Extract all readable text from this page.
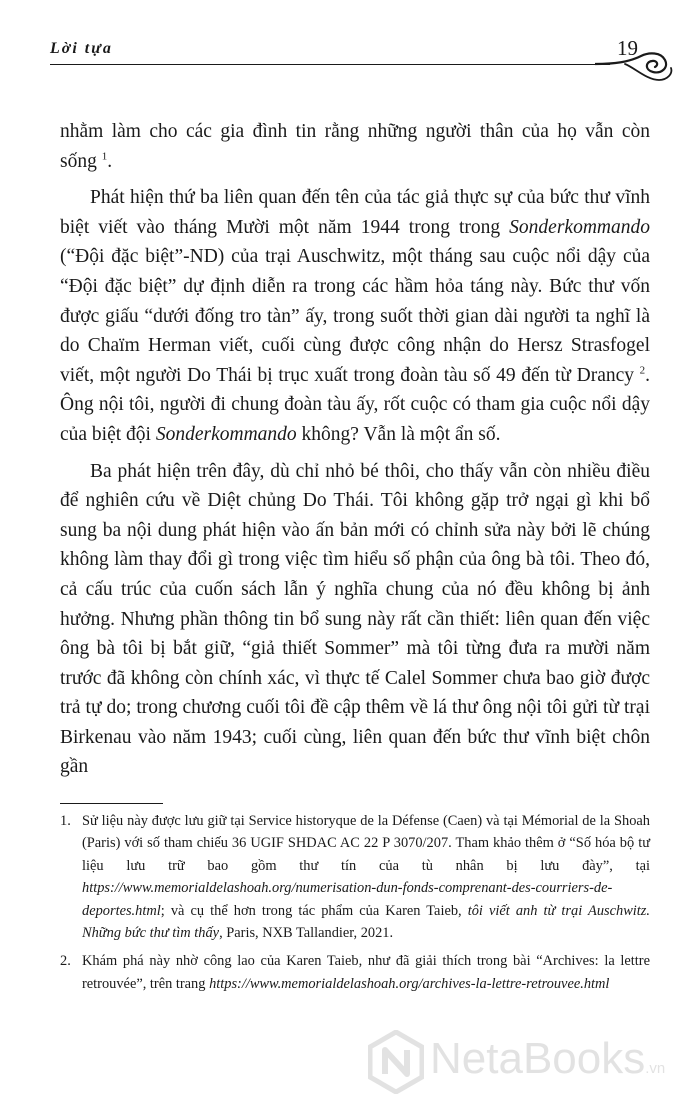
Lời tựa	19

nhằm làm cho các gia đình tin rằng những người thân của họ vẫn còn sống $^1$.

Phát hiện thứ ba liên quan đến tên của tác giả thực sự của bức thư vĩnh biệt viết vào tháng Mười một năm 1944 trong trong Sonderkommando (“Đội đặc biệt”-ND) của trại Auschwitz, một tháng sau cuộc nổi dậy của “Đội đặc biệt” dự định diễn ra trong các hầm hỏa táng này. Bức thư vốn được giấu “dưới đống tro tàn” ấy, trong suốt thời gian dài người ta nghĩ là do Chaïm Herman viết, cuối cùng được công nhận do Hersz Strasfogel viết, một người Do Thái bị trục xuất trong đoàn tàu số 49 đến từ Drancy $^2$. Ông nội tôi, người đi chung đoàn tàu ấy, rốt cuộc có tham gia cuộc nổi dậy của biệt đội Sonderkommando không? Vẫn là một ẩn số.

Ba phát hiện trên đây, dù chỉ nhỏ bé thôi, cho thấy vẫn còn nhiều điều để nghiên cứu về Diệt chủng Do Thái. Tôi không gặp trở ngại gì khi bổ sung ba nội dung phát hiện vào ấn bản mới có chỉnh sửa này bởi lẽ chúng không làm thay đổi gì trong việc tìm hiểu số phận của ông bà tôi. Theo đó, cả cấu trúc của cuốn sách lẫn ý nghĩa chung của nó đều không bị ảnh hưởng. Nhưng phần thông tin bổ sung này rất cần thiết: liên quan đến việc ông bà tôi bị bắt giữ, “giả thiết Sommer” mà tôi từng đưa ra mười năm trước đã không còn chính xác, vì thực tế Calel Sommer chưa bao giờ được trả tự do; trong chương cuối tôi đề cập thêm về lá thư ông nội tôi gửi từ trại Birkenau vào năm 1943; cuối cùng, liên quan đến bức thư vĩnh biệt chôn gần

1. Sử liệu này được lưu giữ tại Service historyque de la Défense (Caen) và tại Mémorial de la Shoah (Paris) với số tham chiếu 36 UGIF SHDAC AC 22 P 3070/207. Tham khảo thêm ở “Số hóa bộ tư liệu lưu trữ bao gồm thư tín của tù nhân bị lưu đày”, tại https://www.memorialdelashoah.org/numerisation-dun-fonds-comprenant-des-courriers-de-deportes.html; và cụ thể hơn trong tác phẩm của Karen Taieb, tôi viết anh từ trại Auschwitz. Những bức thư tìm thấy, Paris, NXB Tallandier, 2021.
2. Khám phá này nhờ công lao của Karen Taieb, như đã giải thích trong bài “Archives: la lettre retrouvée”, trên trang https://www.memorialdelashoah.org/archives-la-lettre-retrouvee.html
NetaBooks.vn
